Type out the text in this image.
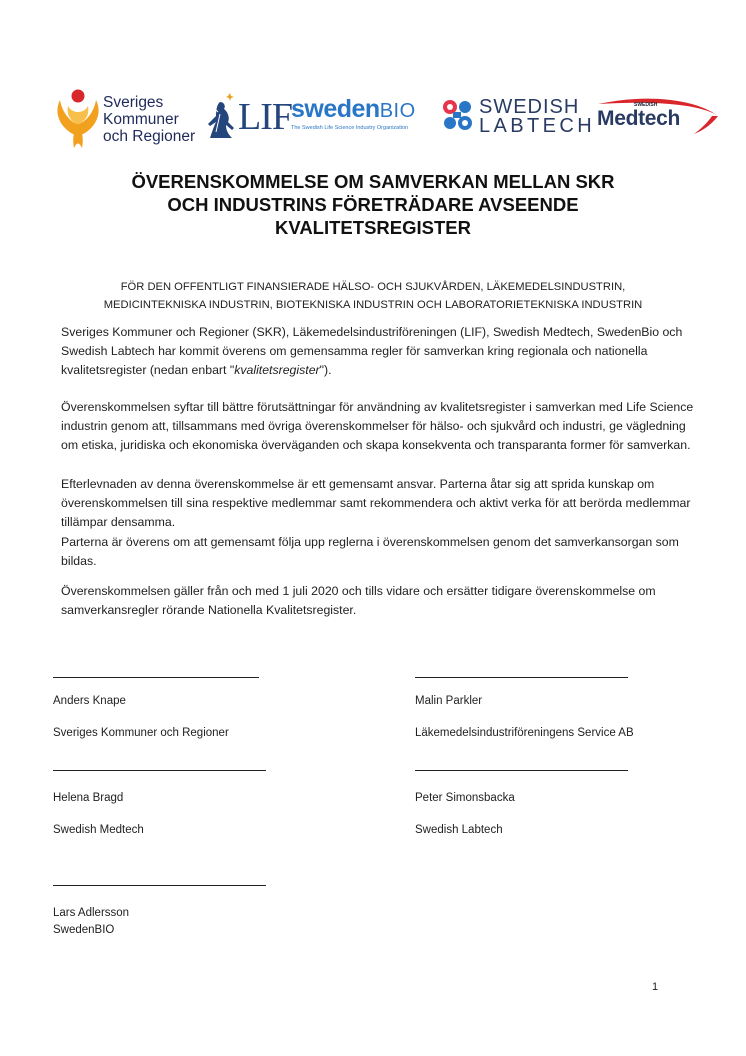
Sveriges
Kommuner
och Regioner LIF swedenBIO
The Swedish Life Science Industry Organization
SWEDISH
LABTECH
SWEDISH
Medtech
ÖVERENSKOMMELSE OM SAMVERKAN MELLAN SKR
OCH INDUSTRINS FÖRETRÄDARE AVSEENDE
KVALITETSREGISTER
FÖR DEN OFFENTLIGT FINANSIERADE HÄLSO- OCH SJUKVÅRDEN, LÄKEMEDELSINDUSTRIN,
MEDICINTEKNISKA INDUSTRIN, BIOTEKNISKA INDUSTRIN OCH LABORATORIETEKNISKA INDUSTRIN

Sveriges Kommuner och Regioner (SKR), Läkemedelsindustriföreningen (LIF), Swedish Medtech, SwedenBio och Swedish Labtech har kommit överens om gemensamma regler för samverkan kring regionala och nationella kvalitetsregister (nedan enbart "kvalitetsregister").

Överenskommelsen syftar till bättre förutsättningar för användning av kvalitetsregister i samverkan med Life Science industrin genom att, tillsammans med övriga överenskommelser för hälso- och sjukvård och industri, ge vägledning om etiska, juridiska och ekonomiska överväganden och skapa konsekventa och transparanta former för samverkan.

Efterlevnaden av denna överenskommelse är ett gemensamt ansvar. Parterna åtar sig att sprida kunskap om överenskommelsen till sina respektive medlemmar samt rekommendera och aktivt verka för att berörda medlemmar tillämpar densamma.

Parterna är överens om att gemensamt följa upp reglerna i överenskommelsen genom det samverkansorgan som bildas.

Överenskommelsen gäller från och med 1 juli 2020 och tills vidare och ersätter tidigare överenskommelse om samverkansregler rörande Nationella Kvalitetsregister.

Anders Knape	Malin Parkler
Sveriges Kommuner och Regioner	Läkemedelsindustriföreningens Service AB
Helena Bragd	Peter Simonsbacka
Swedish Medtech	Swedish Labtech
Lars Adlersson
SwedenBIO
1
